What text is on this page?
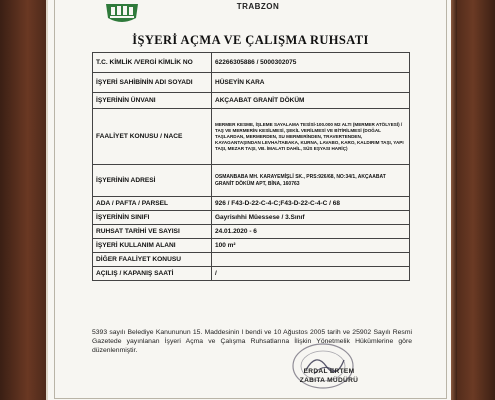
TRABZON
İŞYERİ AÇMA VE ÇALIŞMA RUHSATI
T.C. KİMLİK /VERGİ KİMLİK NO	62266305886 / 5000302075
İŞYERİ SAHİBİNİN ADI SOYADI	HÜSEYİN KARA
İŞYERİNİN ÜNVANI	AKÇAABAT GRANİT DÖKÜM
FAALİYET KONUSU / NACE	MERMER KESME, İŞLEME SAYALAMA TESİSİ-100.000 M2 ALTI (MERMER ATÖLYESİ) / TAŞ VE MERMERİN KESİLMESİ, ŞEKİL VERİLMESİ VE BİTİRİLMESİ (DOĞAL TAŞLARDAN, MERMERDEN, SU MERMERİNDEN, TRAVERTENDEN, KAYAGANTAŞINDAN LEVHA/TABAKA, KURNA, LAVABO, KARO, KALDIRIM TAŞI, YAPI TAŞI, MEZAR TAŞI, VB. İMALATI DAHİL, SÜS EŞYASI HARİÇ)
İŞYERİNİN ADRESİ	OSMANBABA MH. KARAYEMİŞLİ SK., PRS:926/68, NO:34/1, AKÇAABAT GRANİT DÖKÜM APT, BİNA, 160763
ADA / PAFTA / PARSEL	926 / F43-D-22-C-4-C;F43-D-22-C-4-C / 68
İŞYERİNİN SINIFI	Gayrisıhhi Müessese / 3.Sınıf
RUHSAT TARİHİ VE SAYISI	24.01.2020 - 6
İŞYERİ KULLANIM ALANI	100 m²
DİĞER FAALİYET KONUSU	
AÇILIŞ / KAPANIŞ SAATİ	/
5393 sayılı Belediye Kanununun 15. Maddesinin l bendi ve 10 Ağustos 2005 tarih ve 25902 Sayılı Resmi Gazetede yayınlanan İşyeri Açma ve Çalışma Ruhsatlarına İlişkin Yönetmelik Hükümlerine göre düzenlenmiştir.
ERDAL ERTEM
ZABITA MÜDÜRÜ
